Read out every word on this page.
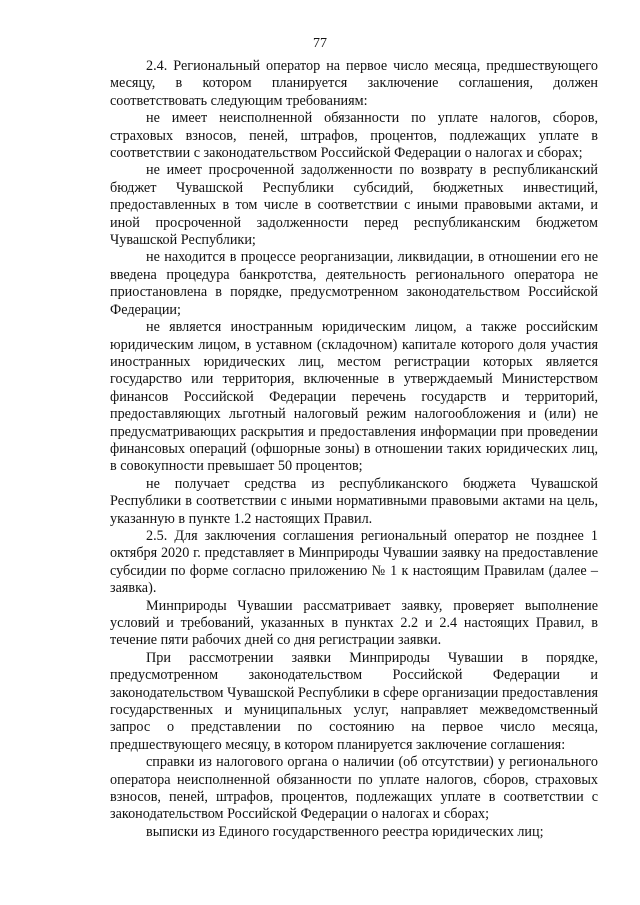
77

2.4. Региональный оператор на первое число месяца, предшествующего месяцу, в котором планируется заключение соглашения, должен соответствовать следующим требованиям:

не имеет неисполненной обязанности по уплате налогов, сборов, страховых взносов, пеней, штрафов, процентов, подлежащих уплате в соответствии с законодательством Российской Федерации о налогах и сборах;

не имеет просроченной задолженности по возврату в республиканский бюджет Чувашской Республики субсидий, бюджетных инвестиций, предоставленных в том числе в соответствии с иными правовыми актами, и иной просроченной задолженности перед республиканским бюджетом Чувашской Республики;

не находится в процессе реорганизации, ликвидации, в отношении его не введена процедура банкротства, деятельность регионального оператора не приостановлена в порядке, предусмотренном законодательством Российской Федерации;

не является иностранным юридическим лицом, а также российским юридическим лицом, в уставном (складочном) капитале которого доля участия иностранных юридических лиц, местом регистрации которых является государство или территория, включенные в утверждаемый Министерством финансов Российской Федерации перечень государств и территорий, предоставляющих льготный налоговый режим налогообложения и (или) не предусматривающих раскрытия и предоставления информации при проведении финансовых операций (офшорные зоны) в отношении таких юридических лиц, в совокупности превышает 50 процентов;

не получает средства из республиканского бюджета Чувашской Республики в соответствии с иными нормативными правовыми актами на цель, указанную в пункте 1.2 настоящих Правил.

2.5. Для заключения соглашения региональный оператор не позднее 1 октября 2020 г. представляет в Минприроды Чувашии заявку на предоставление субсидии по форме согласно приложению № 1 к настоящим Правилам (далее – заявка).

Минприроды Чувашии рассматривает заявку, проверяет выполнение условий и требований, указанных в пунктах 2.2 и 2.4 настоящих Правил, в течение пяти рабочих дней со дня регистрации заявки.

При рассмотрении заявки Минприроды Чувашии в порядке, предусмотренном законодательством Российской Федерации и законодательством Чувашской Республики в сфере организации предоставления государственных и муниципальных услуг, направляет межведомственный запрос о представлении по состоянию на первое число месяца, предшествующего месяцу, в котором планируется заключение соглашения:

справки из налогового органа о наличии (об отсутствии) у регионального оператора неисполненной обязанности по уплате налогов, сборов, страховых взносов, пеней, штрафов, процентов, подлежащих уплате в соответствии с законодательством Российской Федерации о налогах и сборах;

выписки из Единого государственного реестра юридических лиц;
